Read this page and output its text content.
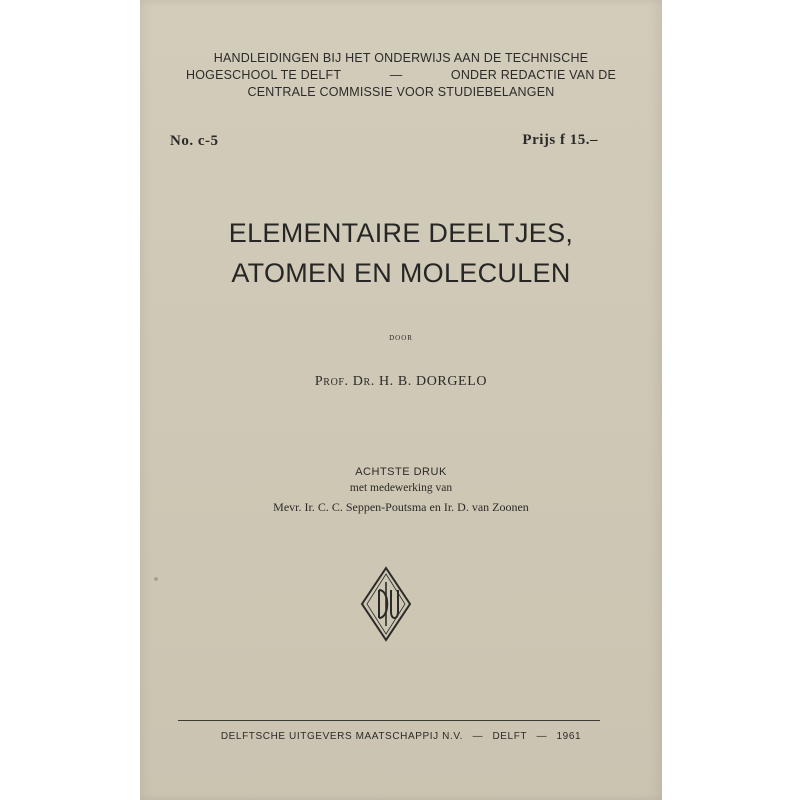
HANDLEIDINGEN BIJ HET ONDERWIJS AAN DE TECHNISCHE
HOGESCHOOL TE DELFT	—	ONDER REDACTIE VAN DE
CENTRALE COMMISSIE VOOR STUDIEBELANGEN
No. c-5	Prijs f 15.–
ELEMENTAIRE DEELTJES,
ATOMEN EN MOLECULEN
door
Prof. Dr. H. B. DORGELO
ACHTSTE DRUK
met medewerking van
Mevr. Ir. C. C. Seppen-Poutsma en Ir. D. van Zoonen
DELFTSCHE UITGEVERS MAATSCHAPPIJ N.V. — DELFT — 1961
